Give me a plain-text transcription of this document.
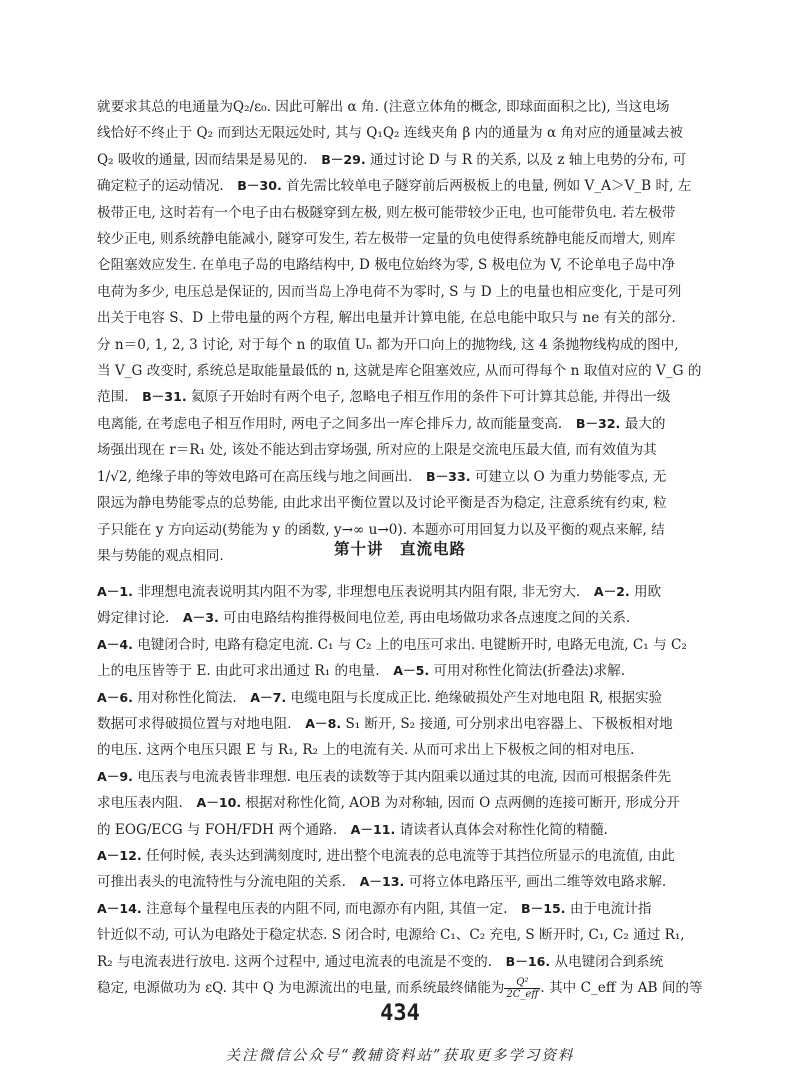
就要求其总的电通量为Q₂/ε₀. 因此可解出 α 角. (注意立体角的概念, 即球面面积之比), 当这电场
线恰好不终止于 Q₂ 而到达无限远处时, 其与 Q₁Q₂ 连线夹角 β 内的通量为 α 角对应的通量减去被
Q₂ 吸收的通量, 因而结果是易见的.　 B－29. 通过讨论 D 与 R 的关系, 以及 z 轴上电势的分布, 可
确定粒子的运动情况.　 B－30. 首先需比较单电子隧穿前后两极板上的电量, 例如 V_A＞V_B 时, 左
极带正电, 这时若有一个电子由右极隧穿到左极, 则左极可能带较少正电, 也可能带负电. 若左极带
较少正电, 则系统静电能减小, 隧穿可发生, 若左极带一定量的负电使得系统静电能反而增大, 则库
仑阻塞效应发生. 在单电子岛的电路结构中, D 极电位始终为零, S 极电位为 V, 不论单电子岛中净
电荷为多少, 电压总是保证的, 因而当岛上净电荷不为零时, S 与 D 上的电量也相应变化, 于是可列
出关于电容 S、D 上带电量的两个方程, 解出电量并计算电能, 在总电能中取只与 ne 有关的部分.
分 n＝0, 1, 2, 3 讨论, 对于每个 n 的取值 Uₙ 都为开口向上的抛物线, 这 4 条抛物线构成的图中,
当 V_G 改变时, 系统总是取能量最低的 n, 这就是库仑阻塞效应, 从而可得每个 n 取值对应的 V_G 的
范围.　 B－31. 氦原子开始时有两个电子, 忽略电子相互作用的条件下可计算其总能, 并得出一级
电离能, 在考虑电子相互作用时, 两电子之间多出一库仑排斥力, 故而能量变高.　 B－32. 最大的
场强出现在 r＝R₁ 处, 该处不能达到击穿场强, 所对应的上限是交流电压最大值, 而有效值为其
1/√2, 绝缘子串的等效电路可在高压线与地之间画出.　 B－33. 可建立以 O 为重力势能零点, 无
限远为静电势能零点的总势能, 由此求出平衡位置以及讨论平衡是否为稳定, 注意系统有约束, 粒
子只能在 y 方向运动(势能为 y 的函数, y→∞ u→0). 本题亦可用回复力以及平衡的观点来解, 结
果与势能的观点相同.	第十讲　直流电路

A－1. 非理想电流表说明其内阻不为零, 非理想电压表说明其内阻有限, 非无穷大.　 A－2. 用欧
姆定律讨论.　 A－3. 可由电路结构推得极间电位差, 再由电场做功求各点速度之间的关系.
A－4. 电键闭合时, 电路有稳定电流. C₁ 与 C₂ 上的电压可求出. 电键断开时, 电路无电流, C₁ 与 C₂
上的电压皆等于 E. 由此可求出通过 R₁ 的电量.　 A－5. 可用对称性化简法(折叠法)求解.
A－6. 用对称性化简法.　 A－7. 电缆电阻与长度成正比. 绝缘破损处产生对地电阻 R, 根据实验
数据可求得破损位置与对地电阻.　 A－8. S₁ 断开, S₂ 接通, 可分别求出电容器上、下极板相对地
的电压. 这两个电压只跟 E 与 R₁, R₂ 上的电流有关. 从而可求出上下极板之间的相对电压.
A－9. 电压表与电流表皆非理想. 电压表的读数等于其内阻乘以通过其的电流, 因而可根据条件先
求电压表内阻.　 A－10. 根据对称性化简, AOB 为对称轴, 因而 O 点两侧的连接可断开, 形成分开
的 EOG/ECG 与 FOH/FDH 两个通路.　 A－11. 请读者认真体会对称性化简的精髓.
A－12. 任何时候, 表头达到满刻度时, 进出整个电流表的总电流等于其挡位所显示的电流值, 由此
可推出表头的电流特性与分流电阻的关系.　 A－13. 可将立体电路压平, 画出二维等效电路求解.
A－14. 注意每个量程电压表的内阻不同, 而电源亦有内阻, 其值一定.　 B－15. 由于电流计指
针近似不动, 可认为电路处于稳定状态. S 闭合时, 电源给 C₁、C₂ 充电, S 断开时, C₁, C₂ 通过 R₁,
R₂ 与电流表进行放电. 这两个过程中, 通过电流表的电流是不变的.　 B－16. 从电键闭合到系统
稳定, 电源做功为 εQ. 其中 Q 为电源流出的电量, 而系统最终储能为 $\frac{\text{Q²}}{\text{2C\_eff}}$ . 其中 C_eff 为 AB 间的等

434
关注微信公众号“教辅资料站”获取更多学习资料
